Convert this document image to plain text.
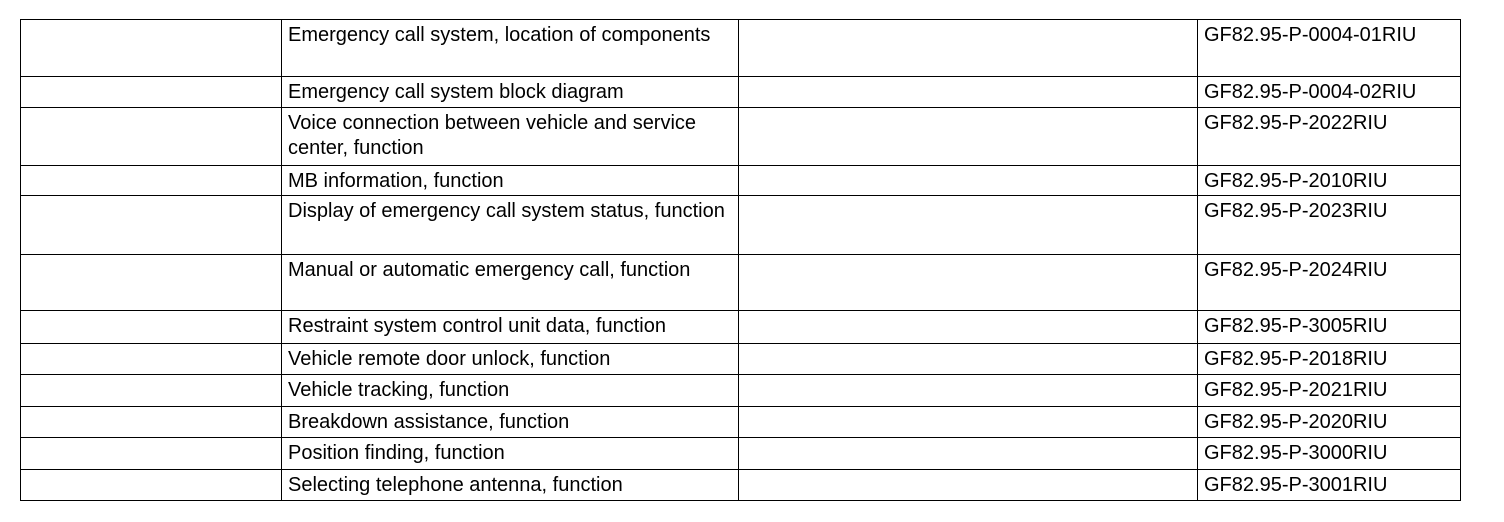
	Emergency call system, location of components		GF82.95-P-0004-01RIU
	Emergency call system block diagram		GF82.95-P-0004-02RIU
	Voice connection between vehicle and service center, function		GF82.95-P-2022RIU
	MB information, function		GF82.95-P-2010RIU
	Display of emergency call system status, function		GF82.95-P-2023RIU
	Manual or automatic emergency call, function		GF82.95-P-2024RIU
	Restraint system control unit data, function		GF82.95-P-3005RIU
	Vehicle remote door unlock, function		GF82.95-P-2018RIU
	Vehicle tracking, function		GF82.95-P-2021RIU
	Breakdown assistance, function		GF82.95-P-2020RIU
	Position finding, function		GF82.95-P-3000RIU
	Selecting telephone antenna, function		GF82.95-P-3001RIU
